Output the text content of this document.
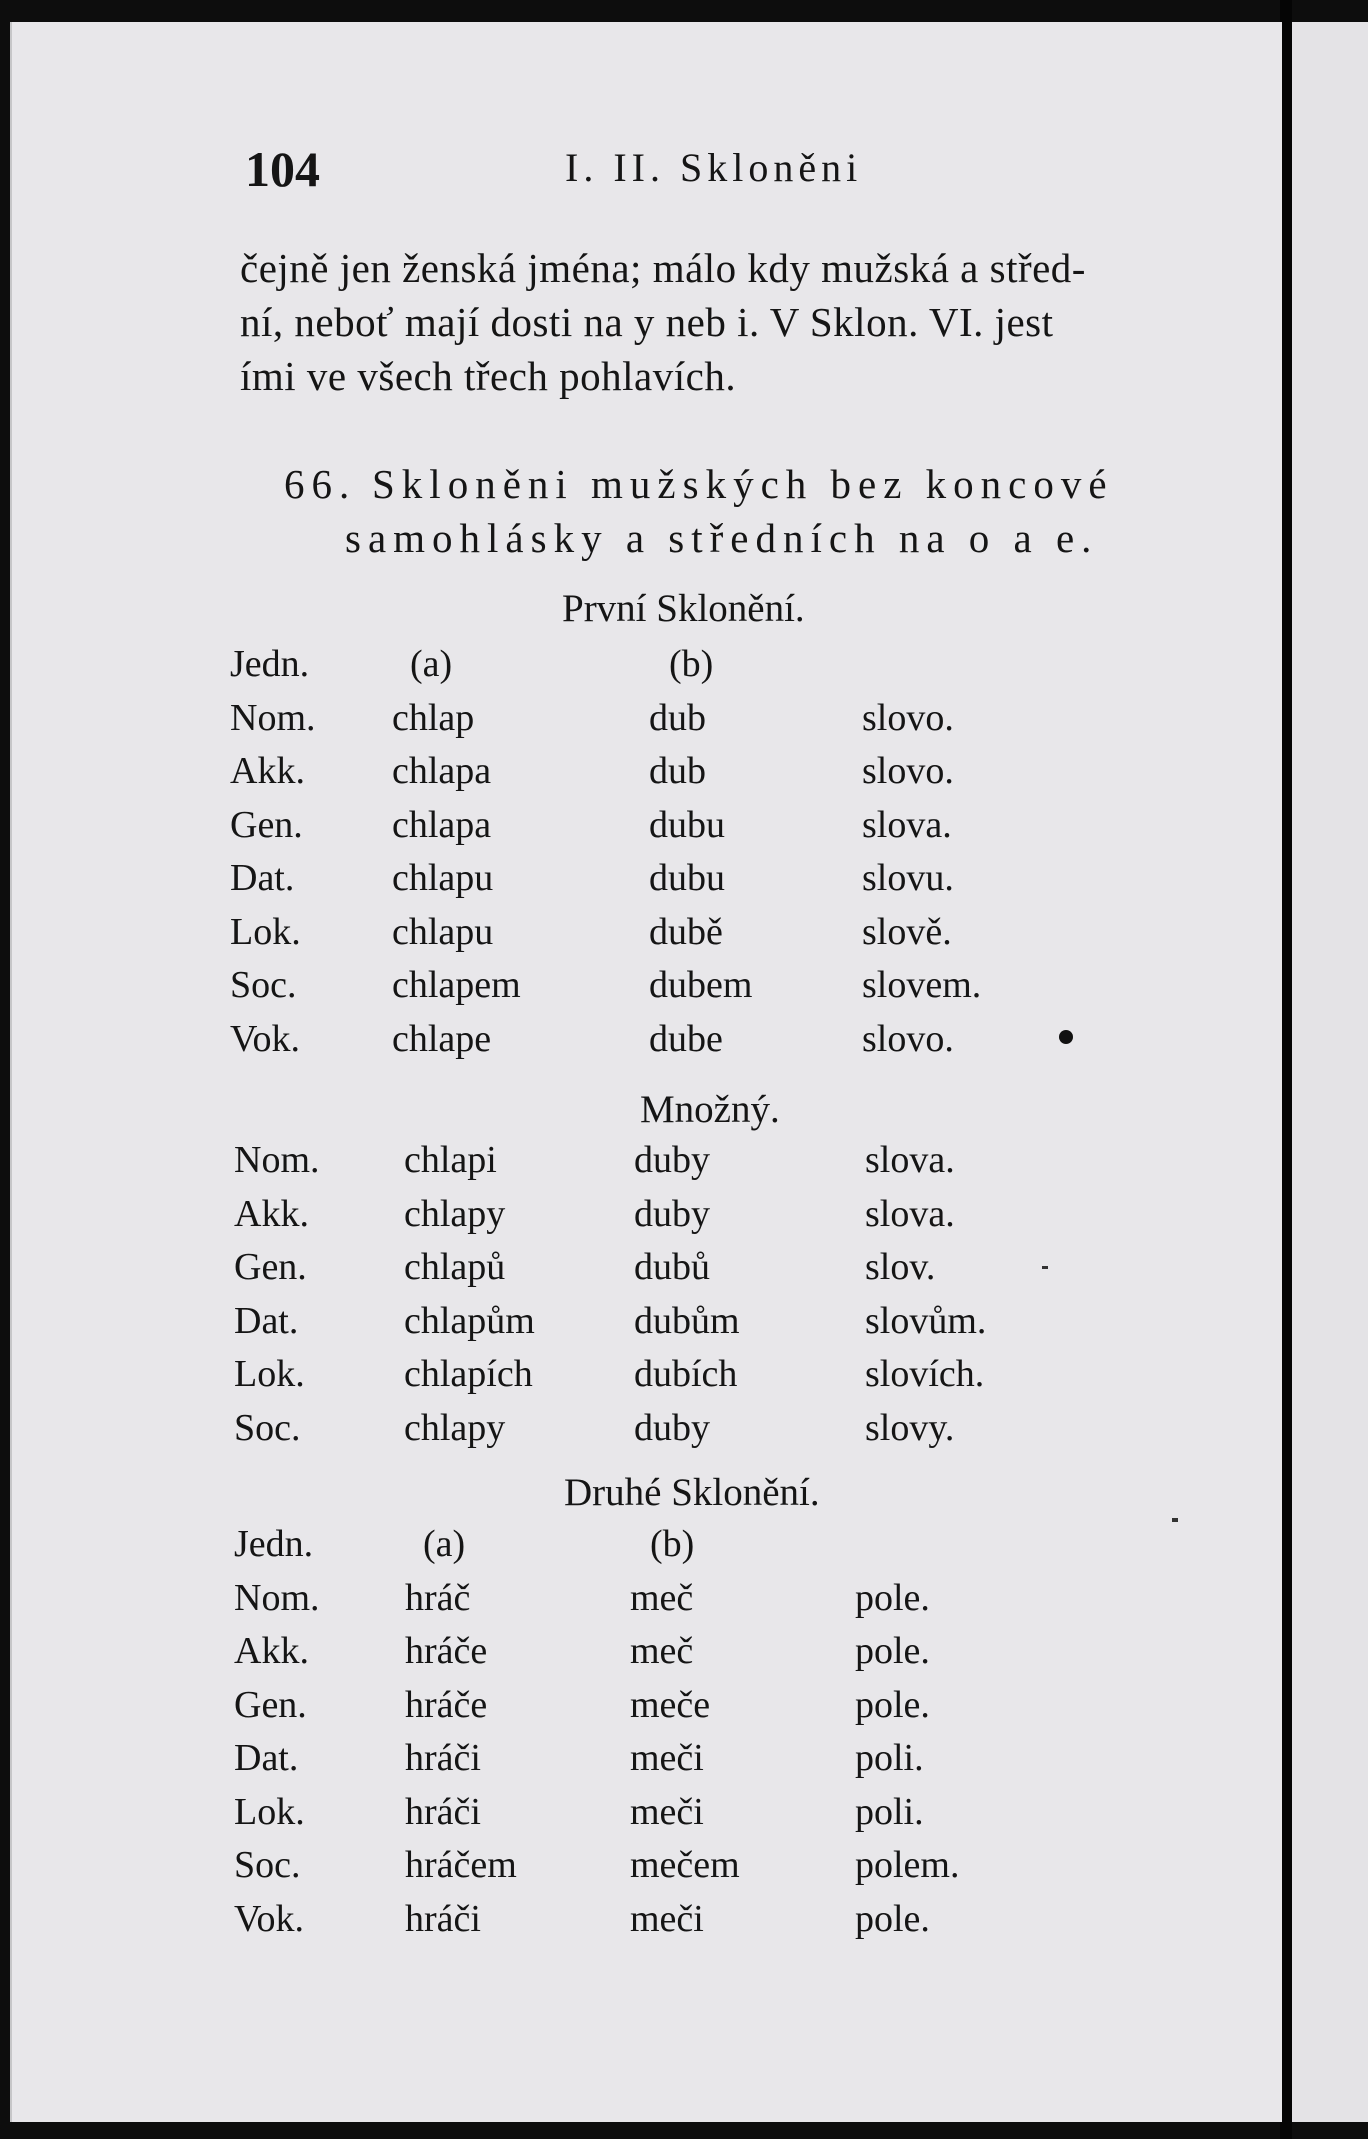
104	I. II. Skloněni
čejně jen ženská jména; málo kdy mužská a střed-
ní, neboť mají dosti na y neb i. V Sklon. VI. jest
ími ve všech třech pohlavích.
66. Skloněni mužských bez koncové
samohlásky a středních na o a e.
První Sklonění.
Jedn.	(a)	(b)
Nom. chlap	dub	slovo.
Akk. chlapa	dub	slovo.
Gen. chlapa	dubu	slova.
Dat.	chlapu	dubu	slovu.
Lok. chlapu	dubě	slově.
Soc.	chlapem	dubem	slovem.
Vok. chlape	dube	slovo.
Množný.
Nom. chlapi	duby	slova.
Akk.	chlapy	duby	slova.
Gen.	chlapů	dubů	slov.
Dat.	chlapům	dubům	slovům.
Lok.	chlapích	dubích	slovích.
Soc.	chlapy	duby	slovy.
Druhé Sklonění.
Jedn.	(a)	(b)
Nom. hráč	meč	pole.
Akk.	hráče	meč	pole.
Gen.	hráče	meče	pole.
Dat.	hráči	meči	poli.
Lok.	hráči	meči	poli.
Soc.	hráčem	mečem	polem.
Vok.	hráči	meči	pole.
